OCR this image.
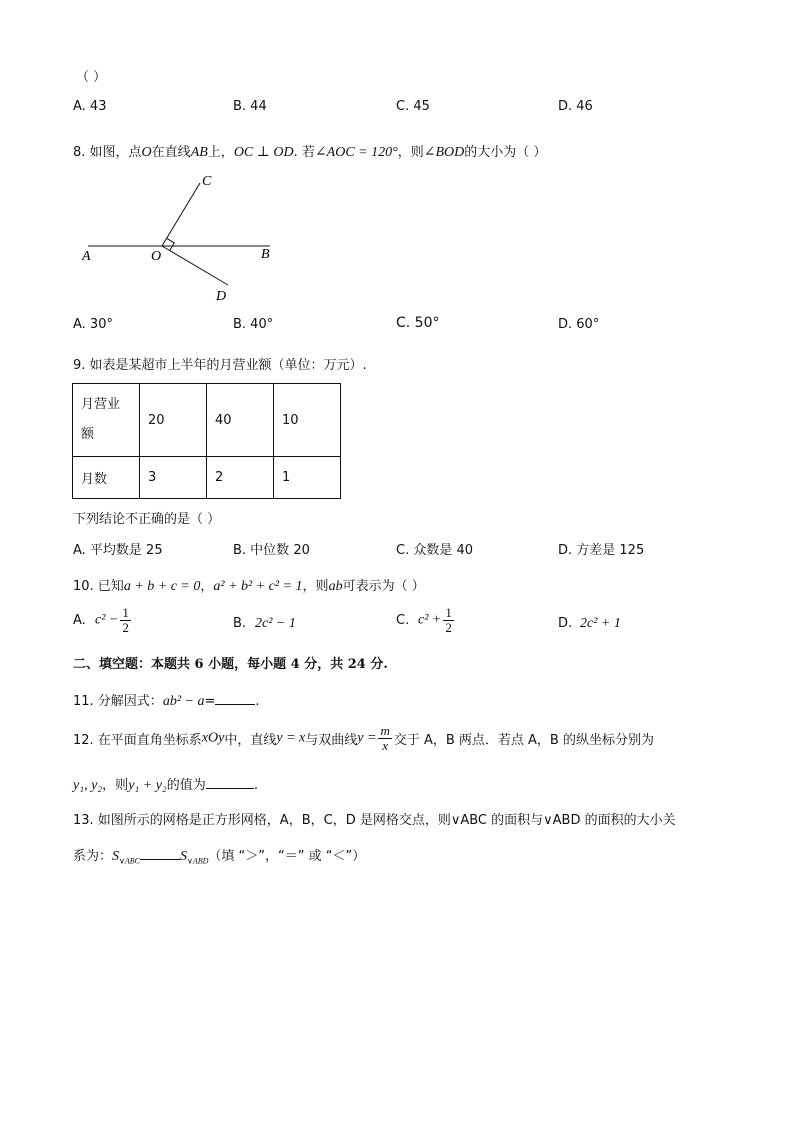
（ ）
A. 43	B. 44	C. 45	D. 46
8. 如图，点O在直线AB上，OC ⊥ OD. 若∠AOC = 120°，则∠BOD的大小为（ ）
A	O	B
C
D
A. 30°	B. 40°	C. 50°	D. 60°
9. 如表是某超市上半年的月营业额（单位：万元）.
月营业
额	20	40	10
月数	3	2	1
下列结论不正确的是（ ）
A. 平均数是 25	B. 中位数 20	C. 众数是 40	D. 方差是 125
10. 已知a + b + c = 0，a² + b² + c² = 1，则ab可表示为（ ）
A. $c^2 - \frac{1}{2}$	B. 2c² − 1	C. $c^2 + \frac{1}{2}$	D. 2c² + 1
二、填空题：本题共 6 小题，每小题 4 分，共 24 分.
11. 分解因式：ab² − a=	.
12. 在平面直角坐标系xOy中，直线y = x与双曲线$y = \frac{m}{x}$ 交于 A，B 两点．若点 A，B 的纵坐标分别为
y₁, y₂，则y₁ + y₂的值为	.
13. 如图所示的网格是正方形网格，A，B，C，D 是网格交点，则∨ABC 的面积与∨ABD 的面积的大小关
系为：$S_{\vee ABC}$	$S_{\vee ABD}$（填 “＞”，“＝” 或 “＜”）
